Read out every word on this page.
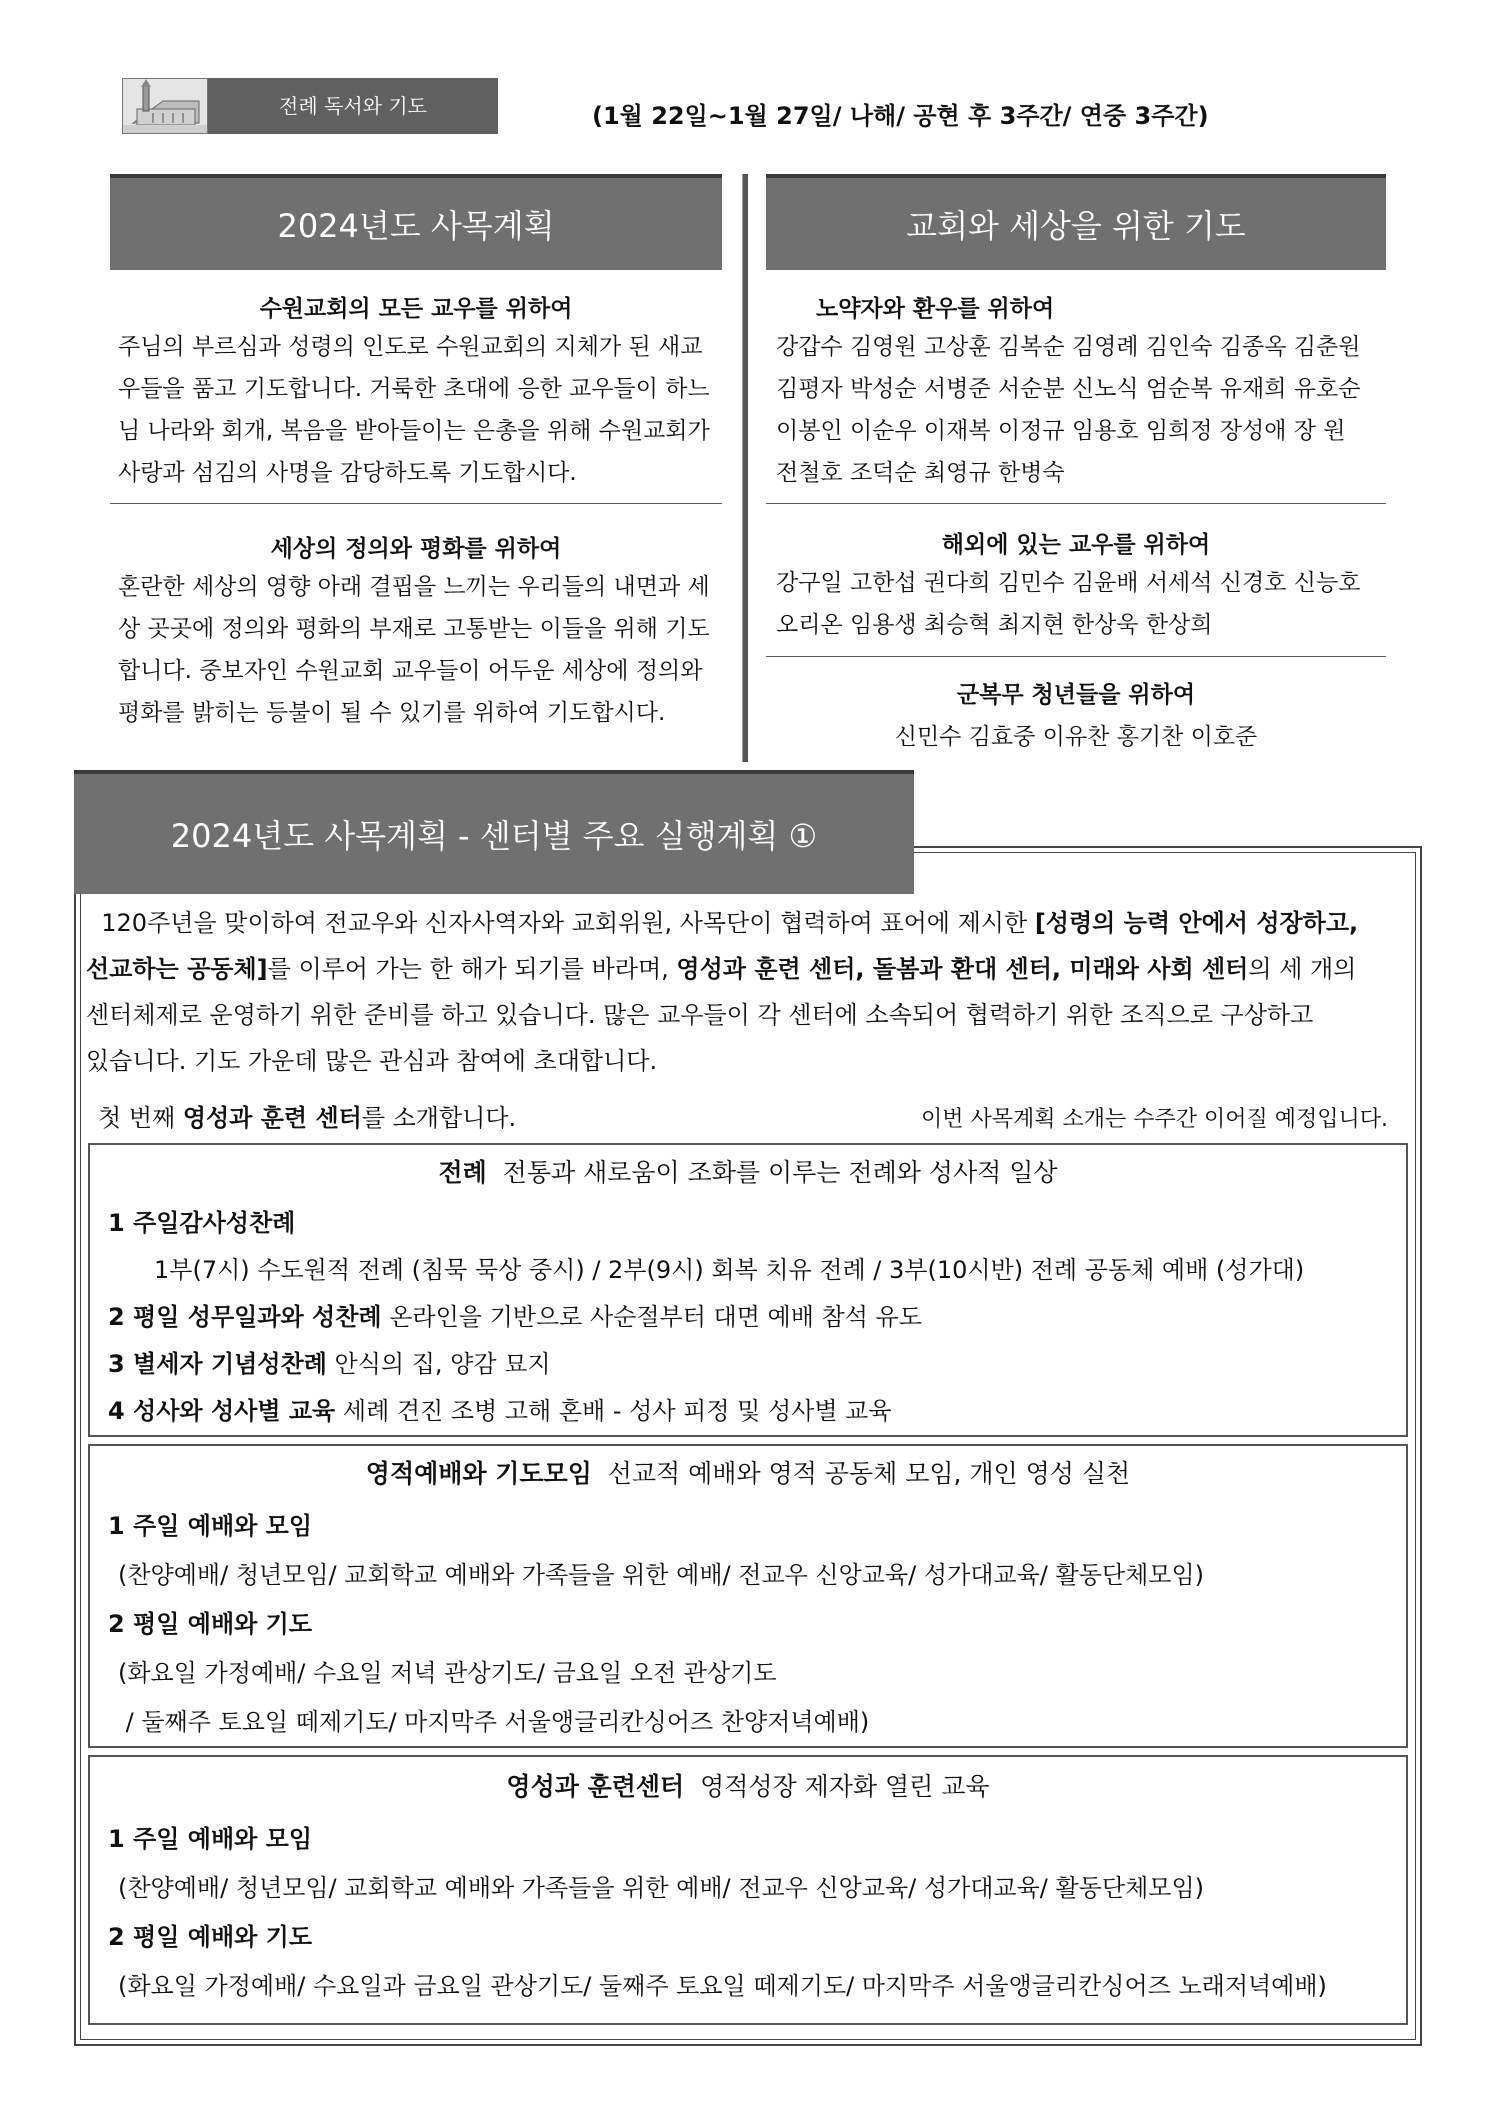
전례 독서와 기도	(1월 22일~1월 27일/ 나해/ 공현 후 3주간/ 연중 3주간)
2024년도 사목계획
수원교회의 모든 교우를 위하여
주님의 부르심과 성령의 인도로 수원교회의 지체가 된 새교
우들을 품고 기도합니다. 거룩한 초대에 응한 교우들이 하느
님 나라와 회개, 복음을 받아들이는 은총을 위해 수원교회가
사랑과 섬김의 사명을 감당하도록 기도합시다.
세상의 정의와 평화를 위하여
혼란한 세상의 영향 아래 결핍을 느끼는 우리들의 내면과 세
상 곳곳에 정의와 평화의 부재로 고통받는 이들을 위해 기도
합니다. 중보자인 수원교회 교우들이 어두운 세상에 정의와
평화를 밝히는 등불이 될 수 있기를 위하여 기도합시다.
교회와 세상을 위한 기도
노약자와 환우를 위하여
강갑수 김영원 고상훈 김복순 김영례 김인숙 김종옥 김춘원
김평자 박성순 서병준 서순분 신노식 엄순복 유재희 유호순
이봉인 이순우 이재복 이정규 임용호 임희정 장성애 장 원
전철호 조덕순 최영규 한병숙
해외에 있는 교우를 위하여
강구일 고한섭 권다희 김민수 김윤배 서세석 신경호 신능호
오리온 임용생 최승혁 최지현 한상욱 한상희
군복무 청년들을 위하여
신민수 김효중 이유찬 홍기찬 이호준
2024년도 사목계획 - 센터별 주요 실행계획 ①
120주년을 맞이하여 전교우와 신자사역자와 교회위원, 사목단이 협력하여 표어에 제시한 [성령의 능력 안에서 성장하고,
선교하는 공동체]를 이루어 가는 한 해가 되기를 바라며, 영성과 훈련 센터, 돌봄과 환대 센터, 미래와 사회 센터의 세 개의
센터체제로 운영하기 위한 준비를 하고 있습니다. 많은 교우들이 각 센터에 소속되어 협력하기 위한 조직으로 구상하고
있습니다. 기도 가운데 많은 관심과 참여에 초대합니다.
첫 번째 영성과 훈련 센터를 소개합니다.	이번 사목계획 소개는 수주간 이어질 예정입니다.
전례  전통과 새로움이 조화를 이루는 전례와 성사적 일상
1 주일감사성찬례
1부(7시) 수도원적 전례 (침묵 묵상 중시) / 2부(9시) 회복 치유 전례 / 3부(10시반) 전례 공동체 예배 (성가대)
2 평일 성무일과와 성찬례 온라인을 기반으로 사순절부터 대면 예배 참석 유도
3 별세자 기념성찬례 안식의 집, 양감 묘지
4 성사와 성사별 교육 세례 견진 조병 고해 혼배 - 성사 피정 및 성사별 교육
영적예배와 기도모임  선교적 예배와 영적 공동체 모임, 개인 영성 실천
1 주일 예배와 모임
(찬양예배/ 청년모임/ 교회학교 예배와 가족들을 위한 예배/ 전교우 신앙교육/ 성가대교육/ 활동단체모임)
2 평일 예배와 기도
(화요일 가정예배/ 수요일 저녁 관상기도/ 금요일 오전 관상기도
/ 둘째주 토요일 떼제기도/ 마지막주 서울앵글리칸싱어즈 찬양저녁예배)
영성과 훈련센터  영적성장 제자화 열린 교육
1 주일 예배와 모임
(찬양예배/ 청년모임/ 교회학교 예배와 가족들을 위한 예배/ 전교우 신앙교육/ 성가대교육/ 활동단체모임)
2 평일 예배와 기도
(화요일 가정예배/ 수요일과 금요일 관상기도/ 둘째주 토요일 떼제기도/ 마지막주 서울앵글리칸싱어즈 노래저녁예배)
